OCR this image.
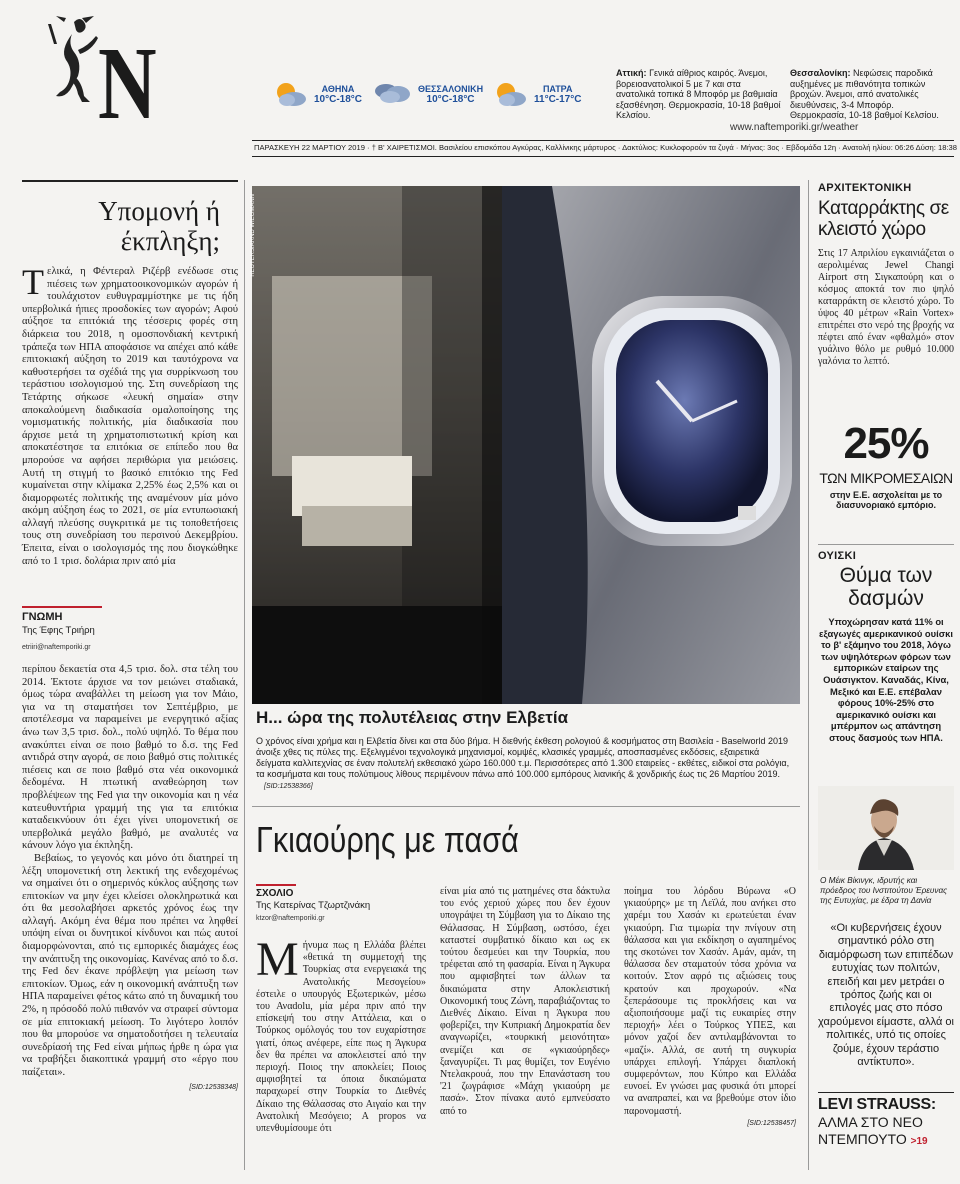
N	ΑΘΗΝΑ
10°C-18°C
ΘΕΣΣΑΛΟΝΙΚΗ
10°C-18°C
ΠΑΤΡΑ
11°C-17°C
Αττική: Γενικά αίθριος καιρός. Άνεμοι, βορειοανατολικοί 5 με 7 και στα ανατολικά τοπικά 8 Μποφόρ με βαθμιαία εξασθένηση. Θερμοκρασία, 10-18 βαθμοί Κελσίου.
Θεσσαλονίκη: Νεφώσεις παροδικά αυξημένες με πιθανότητα τοπικών βροχών. Άνεμοι, από ανατολικές διευθύνσεις, 3-4 Μποφόρ. Θερμοκρασία, 10-18 βαθμοί Κελσίου.
www.naftemporiki.gr/weather
ΠΑΡΑΣΚΕΥΗ 22 ΜΑΡΤΙΟΥ 2019 · † Β' ΧΑΙΡΕΤΙΣΜΟΙ. Βασιλείου επισκόπου Αγκύρας, Καλλίνικης μάρτυρος · Δακτύλιος: Κυκλοφορούν τα ζυγά · Μήνας: 3ος · Εβδομάδα 12η · Ανατολή ηλίου: 06:26 Δύση: 18:38
Υπομονή ή έκπληξη;

Τελικά, η Φέντεραλ Ριζέρβ ενέδωσε στις πιέσεις των χρηματοοικονομικών αγορών ή τουλάχιστον ευθυγραμμίστηκε με τις ήδη υπερβολικά ήπιες προσδοκίες των αγορών; Αφού αύξησε τα επιτόκιά της τέσσερις φορές στη διάρκεια του 2018, η ομοσπονδιακή κεντρική τράπεζα των ΗΠΑ αποφάσισε να απέχει από κάθε επιτοκιακή αύξηση το 2019 και ταυτόχρονα να καθυστερήσει τα σχέδιά της για συρρίκνωση του τεράστιου ισολογισμού της. Στη συνεδρίαση της Τετάρτης σήκωσε «λευκή σημαία» στην αποκαλούμενη διαδικασία ομαλοποίησης της νομισματικής πολιτικής, μία διαδικασία που άρχισε μετά τη χρηματοπιστωτική κρίση και αποκατέστησε τα επιτόκια σε επίπεδο που θα μπορούσε να αφήσει περιθώρια για μειώσεις. Αυτή τη στιγμή το βασικό επιτόκιο της Fed κυμαίνεται στην κλίμακα 2,25% έως 2,5% και οι διαμορφωτές πολιτικής της αναμένουν μία μόνο ακόμη αύξηση έως το 2021, σε μία εντυπωσιακή αλλαγή πλεύσης συγκριτικά με τις τοποθετήσεις τους στη συνεδρίαση του περσινού Δεκεμβρίου. Έπειτα, είναι ο ισολογισμός της που διογκώθηκε από το 1 τρισ. δολάρια πριν από μία

ΓΝΩΜΗ
Της Έφης Τριήρη
etriiri@naftemporiki.gr

περίπου δεκαετία στα 4,5 τρισ. δολ. στα τέλη του 2014. Έκτοτε άρχισε να τον μειώνει σταδιακά, όμως τώρα αναβάλλει τη μείωση για τον Μάιο, για να τη σταματήσει τον Σεπτέμβριο, με αποτέλεσμα να παραμείνει με ενεργητικό αξίας άνω των 3,5 τρισ. δολ., πολύ υψηλό. Το θέμα που ανακύπτει είναι σε ποιο βαθμό το δ.σ. της Fed αντιδρά στην αγορά, σε ποιο βαθμό στις πολιτικές πιέσεις και σε ποιο βαθμό στα νέα οικονομικά δεδομένα. Η πτωτική αναθεώρηση των προβλέψεων της Fed για την οικονομία και η νέα κατευθυντήρια γραμμή της για τα επιτόκια καταδεικνύουν ότι έχει γίνει υπομονετική σε υπερβολικά μεγάλο βαθμό, με αναλυτές να κάνουν λόγο για έκπληξη.

Βεβαίως, το γεγονός και μόνο ότι διατηρεί τη λέξη υπομονετική στη λεκτική της ενδεχομένως να σημαίνει ότι ο σημερινός κύκλος αύξησης των επιτοκίων να μην έχει κλείσει ολοκληρωτικά και ότι θα μεσολαβήσει αρκετός χρόνος έως την αλλαγή. Ακόμη ένα θέμα που πρέπει να ληφθεί υπόψη είναι οι δυνητικοί κίνδυνοι και πώς αυτοί διαμορφώνονται, από τις εμπορικές διαμάχες έως την ανάπτυξη της οικονομίας. Κανένας από το δ.σ. της Fed δεν έκανε πρόβλεψη για μείωση των επιτοκίων. Όμως, εάν η οικονομική ανάπτυξη των ΗΠΑ παραμείνει φέτος κάτω από τη δυναμική του 2%, η πρόσοδό πολύ πιθανόν να στραφεί σύντομα σε μία επιτοκιακή μείωση. Το λιγότερο λοιπόν που θα μπορούσε να σηματοδοτήσει η τελευταία συνεδρίασή της Fed είναι μήπως ήρθε η ώρα για να τραβήξει διακοπτικά γραμμή στο «έργο που παίζεται».

[SID:12538348]
REUTERS/ARND WIEGMANN
Η... ώρα της πολυτέλειας στην Ελβετία
Ο χρόνος είναι χρήμα και η Ελβετία δίνει και στα δύο βήμα. Η διεθνής έκθεση ρολογιού & κοσμήματος στη Βασιλεία - Baselworld 2019 άνοιξε χθες τις πύλες της. Εξελιγμένοι τεχνολογικά μηχανισμοί, κομψές, κλασικές γραμμές, αποσπασμένες εκδόσεις, εξαιρετικά δείγματα καλλιτεχνίας σε έναν πολυτελή εκθεσιακό χώρο 160.000 τ.μ. Περισσότερες από 1.300 εταιρείες - εκθέτες, ειδικοί στα ρολόγια, τα κοσμήματα και τους πολύτιμους λίθους περιμένουν πάνω από 100.000 εμπόρους λιανικής & χονδρικής έως τις 26 Μαρτίου 2019. [SID:12538366]
Γκιαούρης με πασά
ΣΧΟΛΙΟ
Της Κατερίνας Τζωρτζινάκη
ktzor@naftemporiki.gr

Μήνυμα πως η Ελλάδα βλέπει «θετικά τη συμμετοχή της Τουρκίας στα ενεργειακά της Ανατολικής Μεσογείου» έστειλε ο υπουργός Εξωτερικών, μέσω του Αναdolu, μία μέρα πριν από την επίσκεψή του στην Αττάλεια, και ο Τούρκος ομόλογός του τον ευχαρίστησε γιατί, όπως ανέφερε, είπε πως η Άγκυρα δεν θα πρέπει να αποκλειστεί από την περιοχή. Ποιος την αποκλείει; Ποιος αμφισβητεί τα όποια δικαιώματα παραχωρεί στην Τουρκία το Διεθνές Δίκαιο της Θάλασσας στο Αιγαίο και την Ανατολική Μεσόγειο; Α propos να υπενθυμίσουμε ότι

είναι μία από τις ματημένες στα δάκτυλα του ενός χεριού χώρες που δεν έχουν υπογράψει τη Σύμβαση για το Δίκαιο της Θάλασσας. Η Σύμβαση, ωστόσο, έχει καταστεί συμβατικό δίκαιο και ως εκ τούτου δεσμεύει και την Τουρκία, που τρέφεται από τη φασαρία. Είναι η Άγκυρα που αμφισβητεί των άλλων τα δικαιώματα στην Αποκλειστική Οικονομική τους Ζώνη, παραβιάζοντας το Διεθνές Δίκαιο. Είναι η Άγκυρα που φοβερίζει, την Κυπριακή Δημοκρατία δεν αναγνωρίζει, «τουρκική μειονότητα» ανεμίζει και σε «γκιαούρηδες» ξαναγυρίζει. Τι μας θυμίζει, τον Ευγένιο Ντελακρουά, που την Επανάσταση του '21 ζωγράφισε «Μάχη γκιαούρη με πασά». Στον πίνακα αυτό εμπνεύσατο από το

ποίημα του λόρδου Βύρωνα «Ο γκιαούρης» με τη Λεϊλά, που ανήκει στο χαρέμι του Χασάν κι ερωτεύεται έναν γκιαούρη. Για τιμωρία την πνίγουν στη θάλασσα και για εκδίκηση ο αγαπημένος της σκοτώνει τον Χασάν. Αμάν, αμάν, τη θάλασσα δεν σταματούν τόσα χρόνια να κοιτούν. Στον αφρό τις αξιώσεις τους κρατούν και προχωρούν. «Να ξεπεράσουμε τις προκλήσεις και να αξιοποιήσουμε μαζί τις ευκαιρίες στην περιοχή» λέει ο Τούρκος ΥΠΕΞ, και μόνον χαζοί δεν αντιλαμβάνονται το «μαζί». Αλλά, σε αυτή τη συγκυρία υπάρχει επιλογή. Υπάρχει διαπλοκή συμφερόντων, που Κύπρο και Ελλάδα ευνοεί. Εν γνώσει μας φυσικά ότι μπορεί να αναπραπεί, και να βρεθούμε στον ίδιο παρονομαστή.

[SID:12538457]
ΑΡΧΙΤΕΚΤΟΝΙΚΗ
Καταρράκτης σε κλειστό χώρο

Στις 17 Απριλίου εγκαινιάζεται ο αερολιμένας Jewel Changi Airport στη Σιγκαπούρη και ο κόσμος αποκτά τον πιο ψηλό καταρράκτη σε κλειστό χώρο. Το ύψος 40 μέτρων «Rain Vortex» επιτρέπει στο νερό της βροχής να πέφτει από έναν «φθαλμό» στον γυάλινο θόλο με ρυθμό 10.000 γαλόνια το λεπτό.

25%
ΤΩΝ ΜΙΚΡΟΜΕΣΑΙΩΝ
στην Ε.Ε. ασχολείται με το διασυνοριακό εμπόριο.
ΟΥΙΣΚΙ
Θύμα των δασμών

Υποχώρησαν κατά 11% οι εξαγωγές αμερικανικού ουίσκι το β' εξάμηνο του 2018, λόγω των υψηλότερων φόρων των εμπορικών εταίρων της Ουάσιγκτον. Καναδάς, Κίνα, Μεξικό και Ε.Ε. επέβαλαν φόρους 10%-25% στο αμερικανικό ουίσκι και μπέρμπον ως απάντηση στους δασμούς των ΗΠΑ.

Ο Μέικ Βίκινγκ, ιδρυτής και πρόεδρος του Ινστιτούτου Έρευνας της Ευτυχίας, με έδρα τη Δανία
«Οι κυβερνήσεις έχουν σημαντικό ρόλο στη διαμόρφωση των επιπέδων ευτυχίας των πολιτών, επειδή και μεν μετράει ο τρόπος ζωής και οι επιλογές μας στο πόσο χαρούμενοι είμαστε, αλλά οι πολιτικές, υπό τις οποίες ζούμε, έχουν τεράστιο αντίκτυπο».
LEVI STRAUSS:
ΑΛΜΑ ΣΤΟ ΝΕΟ ΝΤΕΜΠΟΥΤΟ >19
